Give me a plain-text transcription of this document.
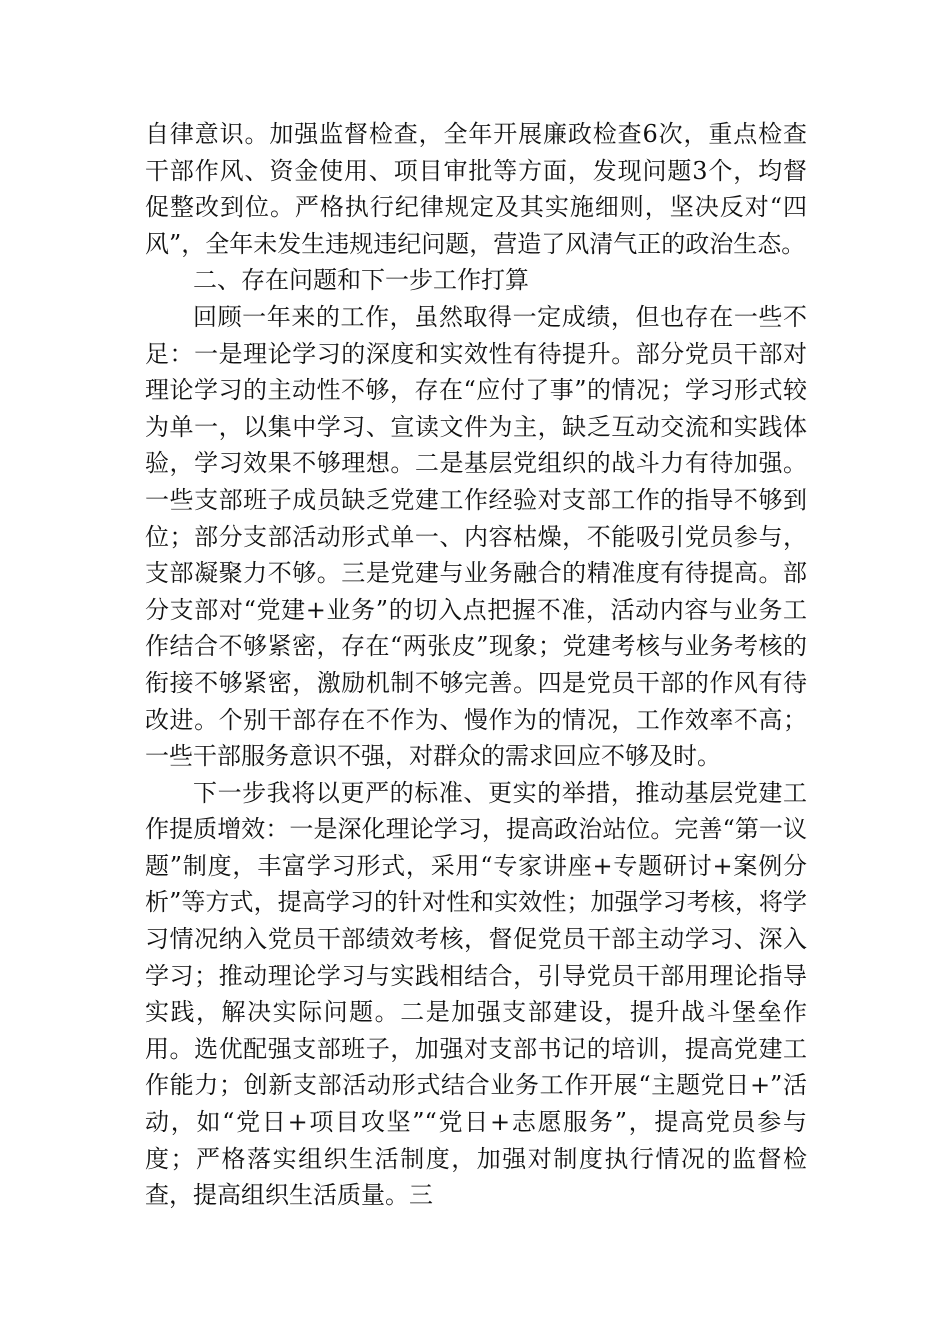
自律意识。加强监督检查，全年开展廉政检查6次，重点检查干部作风、资金使用、项目审批等方面，发现问题3个，均督促整改到位。严格执行纪律规定及其实施细则，坚决反对“四风”，全年未发生违规违纪问题，营造了风清气正的政治生态。

二、存在问题和下一步工作打算

回顾一年来的工作，虽然取得一定成绩，但也存在一些不足：一是理论学习的深度和实效性有待提升。部分党员干部对理论学习的主动性不够，存在“应付了事”的情况；学习形式较为单一，以集中学习、宣读文件为主，缺乏互动交流和实践体验，学习效果不够理想。二是基层党组织的战斗力有待加强。一些支部班子成员缺乏党建工作经验对支部工作的指导不够到位；部分支部活动形式单一、内容枯燥，不能吸引党员参与，支部凝聚力不够。三是党建与业务融合的精准度有待提高。部分支部对“党建+业务”的切入点把握不准，活动内容与业务工作结合不够紧密，存在“两张皮”现象；党建考核与业务考核的衔接不够紧密，激励机制不够完善。四是党员干部的作风有待改进。个别干部存在不作为、慢作为的情况，工作效率不高；一些干部服务意识不强，对群众的需求回应不够及时。

下一步我将以更严的标准、更实的举措，推动基层党建工作提质增效：一是深化理论学习，提高政治站位。完善“第一议题”制度，丰富学习形式，采用“专家讲座+专题研讨+案例分析”等方式，提高学习的针对性和实效性；加强学习考核，将学习情况纳入党员干部绩效考核，督促党员干部主动学习、深入学习；推动理论学习与实践相结合，引导党员干部用理论指导实践，解决实际问题。二是加强支部建设，提升战斗堡垒作用。选优配强支部班子，加强对支部书记的培训，提高党建工作能力；创新支部活动形式结合业务工作开展“主题党日+”活动，如“党日+项目攻坚”“党日+志愿服务”，提高党员参与度；严格落实组织生活制度，加强对制度执行情况的监督检查，提高组织生活质量。三
